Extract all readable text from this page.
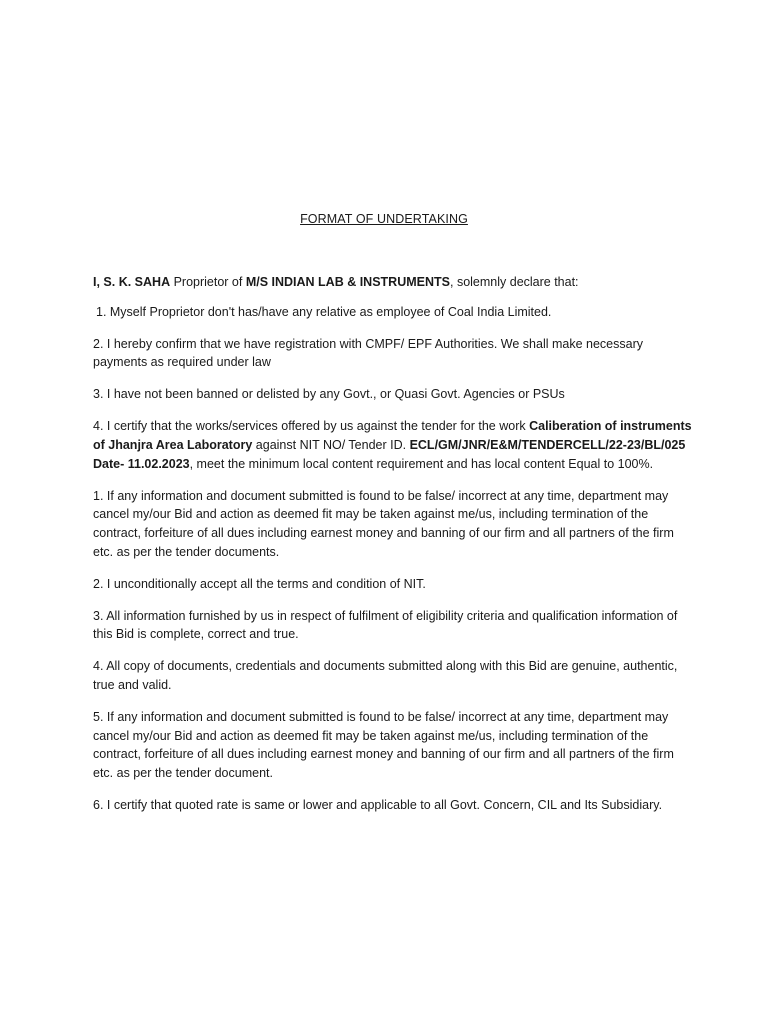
FORMAT OF UNDERTAKING

I, S. K. SAHA Proprietor of M/S INDIAN LAB & INSTRUMENTS, solemnly declare that:

1. Myself Proprietor don't has/have any relative as employee of Coal India Limited.

2. I hereby confirm that we have registration with CMPF/ EPF Authorities. We shall make necessary payments as required under law

3. I have not been banned or delisted by any Govt., or Quasi Govt. Agencies or PSUs

4. I certify that the works/services offered by us against the tender for the work Caliberation of instruments of Jhanjra Area Laboratory against NIT NO/ Tender ID. ECL/GM/JNR/E&M/TENDERCELL/22-23/BL/025 Date- 11.02.2023, meet the minimum local content requirement and has local content Equal to 100%.

1. If any information and document submitted is found to be false/ incorrect at any time, department may cancel my/our Bid and action as deemed fit may be taken against me/us, including termination of the contract, forfeiture of all dues including earnest money and banning of our firm and all partners of the firm etc. as per the tender documents.

2. I unconditionally accept all the terms and condition of NIT.

3. All information furnished by us in respect of fulfilment of eligibility criteria and qualification information of this Bid is complete, correct and true.

4. All copy of documents, credentials and documents submitted along with this Bid are genuine, authentic, true and valid.

5. If any information and document submitted is found to be false/ incorrect at any time, department may cancel my/our Bid and action as deemed fit may be taken against me/us, including termination of the contract, forfeiture of all dues including earnest money and banning of our firm and all partners of the firm etc. as per the tender document.

6. I certify that quoted rate is same or lower and applicable to all Govt. Concern, CIL and Its Subsidiary.
